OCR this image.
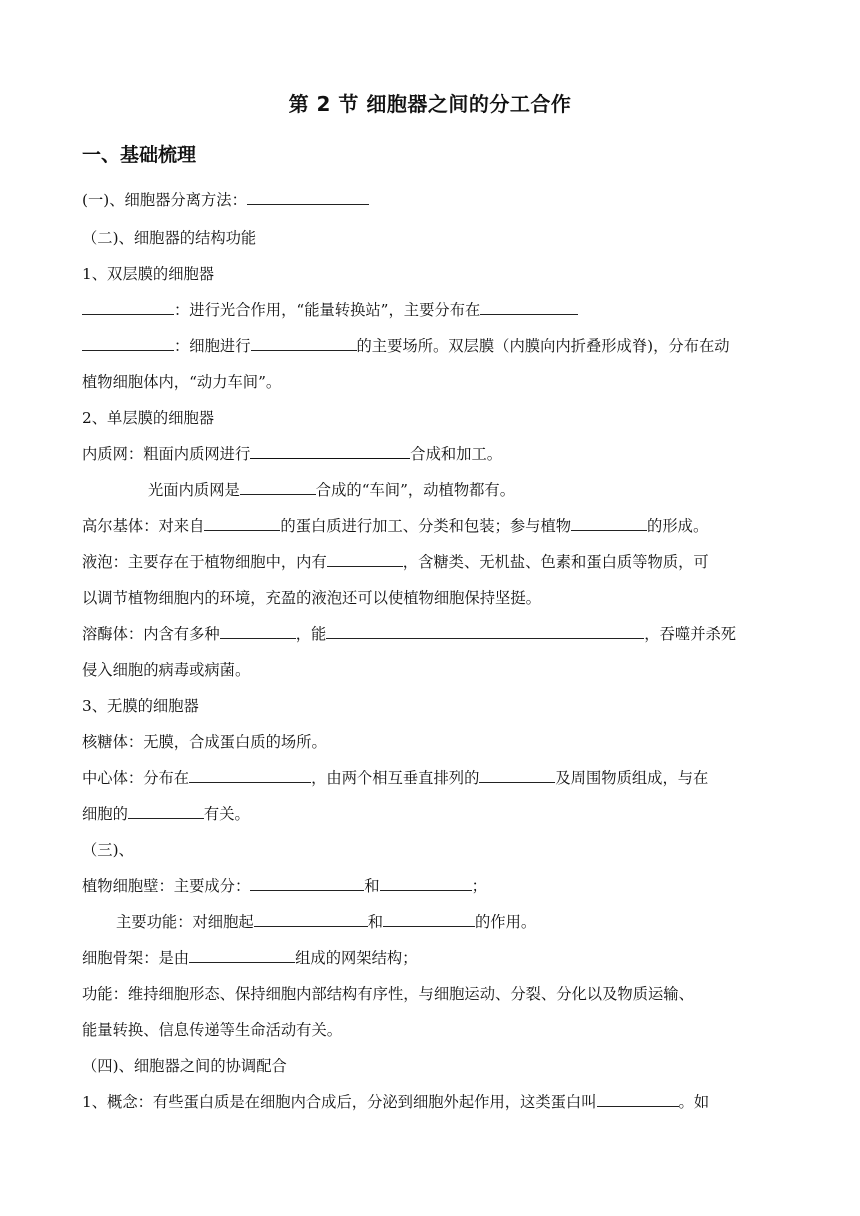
第 2 节 细胞器之间的分工合作
一、基础梳理
(一)、细胞器分离方法：
（二)、细胞器的结构功能
1、双层膜的细胞器
：进行光合作用，“能量转换站”，主要分布在
：细胞进行	的主要场所。双层膜（内膜向内折叠形成脊)，分布在动
植物细胞体内，“动力车间”。
2、单层膜的细胞器
内质网：粗面内质网进行	合成和加工。
光面内质网是	合成的“车间”，动植物都有。
高尔基体：对来自	的蛋白质进行加工、分类和包装；参与植物	的形成。
液泡：主要存在于植物细胞中，内有	，含糖类、无机盐、色素和蛋白质等物质，可
以调节植物细胞内的环境，充盈的液泡还可以使植物细胞保持坚挺。
溶酶体：内含有多种	，能	，吞噬并杀死
侵入细胞的病毒或病菌。
3、无膜的细胞器
核糖体：无膜，合成蛋白质的场所。
中心体：分布在	，由两个相互垂直排列的	及周围物质组成，与在
细胞的	有关。
（三)、
植物细胞壁：主要成分：	和	；
主要功能：对细胞起	和	的作用。
细胞骨架：是由	组成的网架结构；
功能：维持细胞形态、保持细胞内部结构有序性，与细胞运动、分裂、分化以及物质运输、
能量转换、信息传递等生命活动有关。
（四)、细胞器之间的协调配合
1、概念：有些蛋白质是在细胞内合成后，分泌到细胞外起作用，这类蛋白叫	。如
